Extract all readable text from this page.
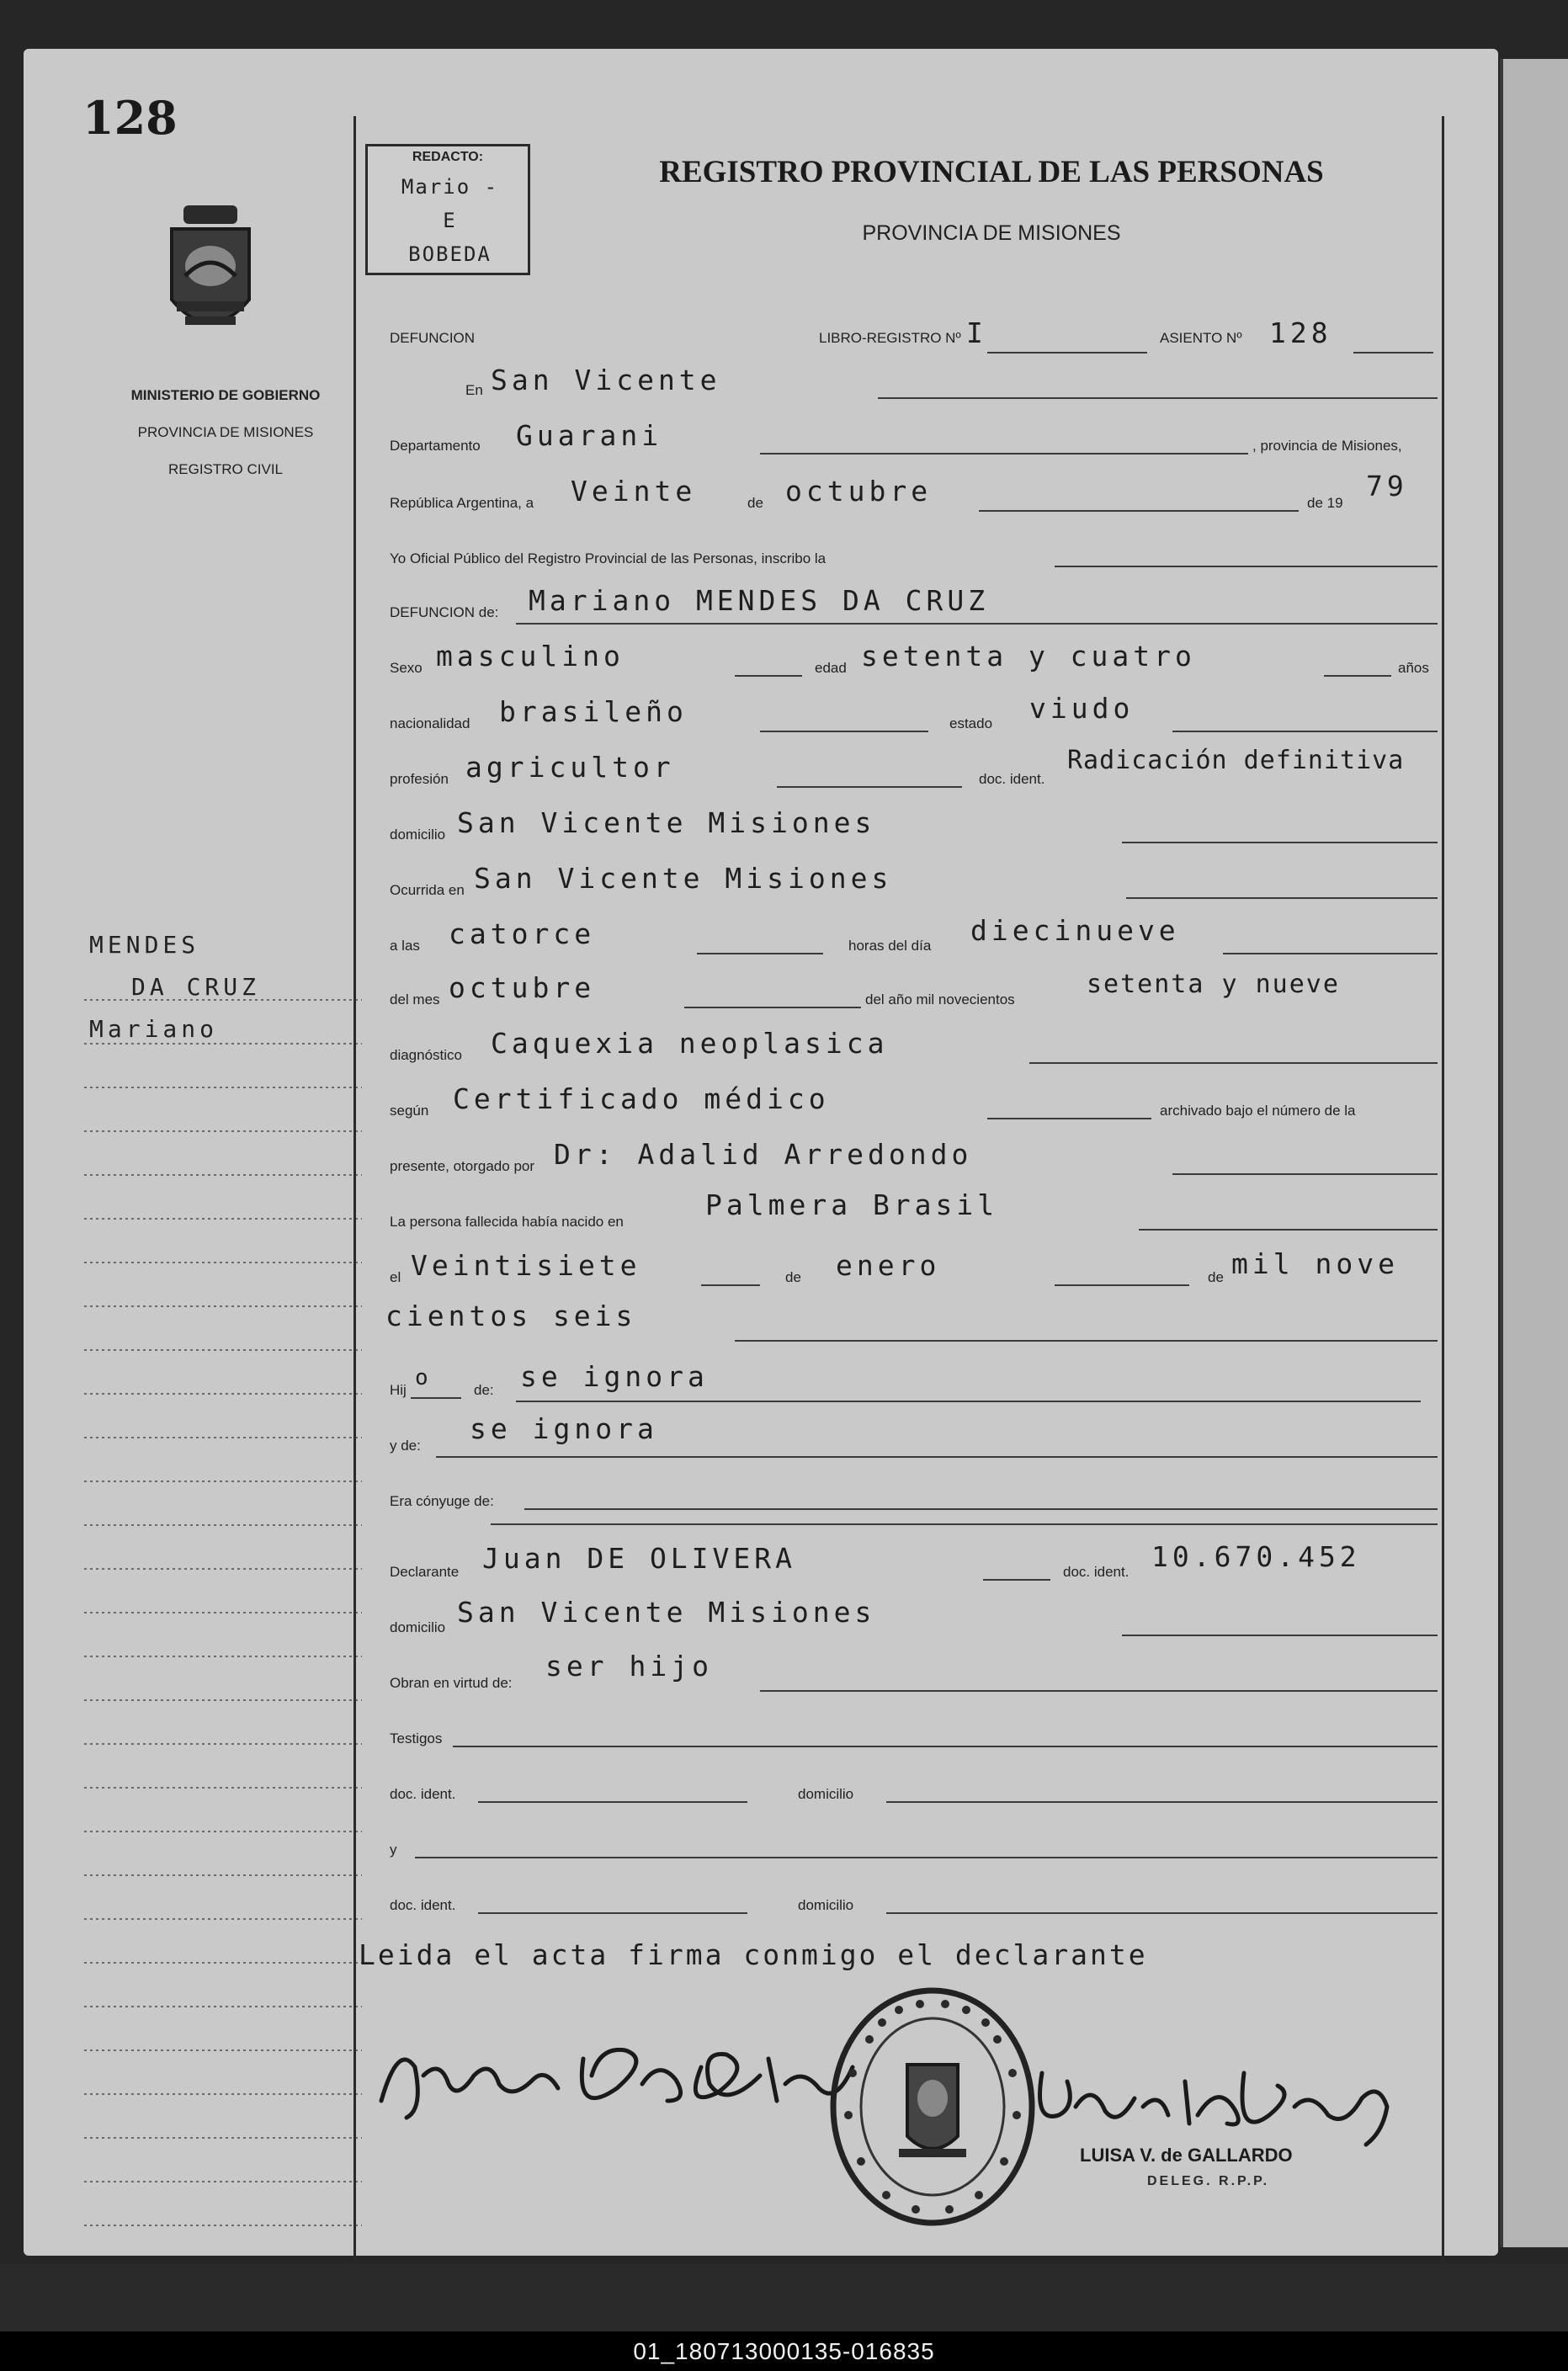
128
MINISTERIO DE GOBIERNO
PROVINCIA DE MISIONES
REGISTRO CIVIL
MENDES
DA CRUZ
Mariano
REDACTO:
Mario -
E
BOBEDA
REGISTRO PROVINCIAL DE LAS PERSONAS
PROVINCIA DE MISIONES
DEFUNCION	LIBRO-REGISTRO Nº I	ASIENTO Nº 128
En San Vicente
Departamento Guarani	, provincia de Misiones,
República Argentina, a Veinte	de octubre	de 19
79
Yo Oficial Público del Registro Provincial de las Personas, inscribo la
DEFUNCION de: Mariano MENDES DA CRUZ
Sexo masculino	edad setenta y cuatro	años
nacionalidad brasileño	estado viudo
profesión agricultor	doc. ident.
Radicación definitiva
domicilio San Vicente Misiones
Ocurrida en San Vicente Misiones
a las catorce	horas del día diecinueve
del mes octubre	del año mil novecientos
setenta y nueve
diagnóstico Caquexia neoplasica
según Certificado médico	archivado bajo el número de la
presente, otorgado por Dr: Adalid Arredondo
La persona fallecida había nacido en
Palmera Brasil
el Veintisiete	de enero	de mil nove
cientos seis
Hij o	de: se ignora
y de:
se ignora
Era cónyuge de:
Declarante Juan DE OLIVERA	doc. ident. 10.670.452
domicilio San Vicente Misiones
Obran en virtud de:
ser hijo
Testigos
doc. ident.	domicilio
y
doc. ident.	domicilio
Leida el acta firma conmigo el declarante
LUISA V. de GALLARDO
DELEG. R.P.P.
01_180713000135-016835
